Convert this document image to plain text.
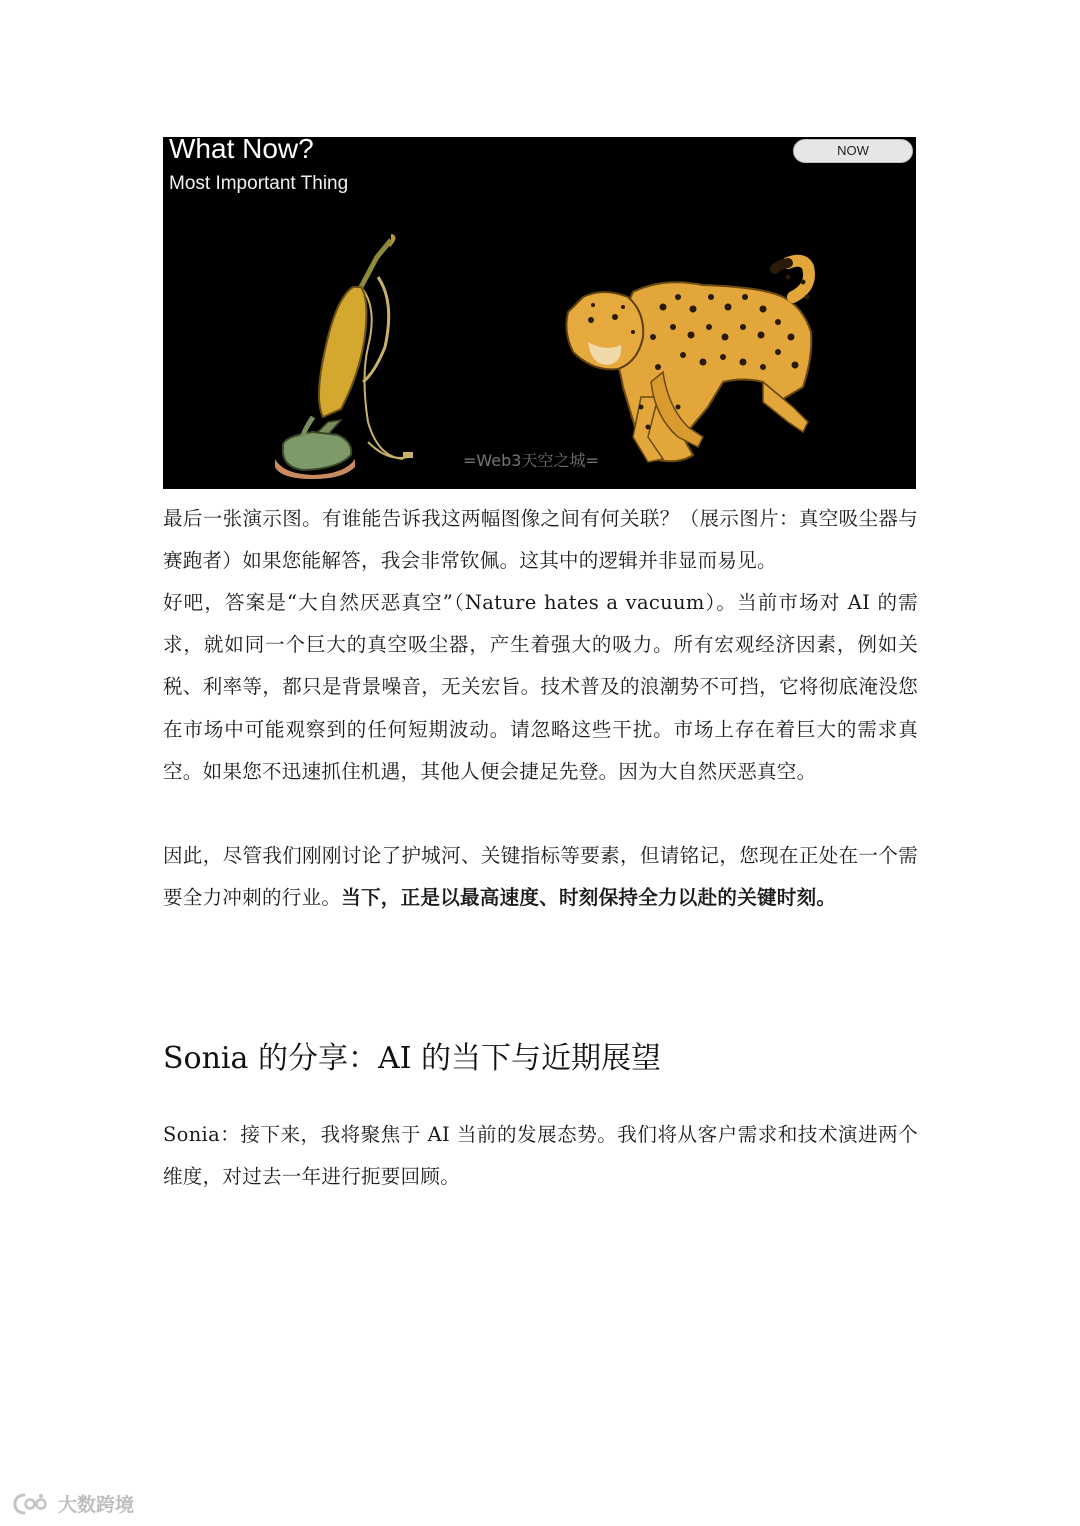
What Now?
Most Important Thing
NOW
=Web3天空之城=

最后一张演示图。有谁能告诉我这两幅图像之间有何关联？（展示图片：真空吸尘器与赛跑者）如果您能解答，我会非常钦佩。这其中的逻辑并非显而易见。

好吧，答案是“大自然厌恶真空”（Nature hates a vacuum）。当前市场对 AI 的需求，就如同一个巨大的真空吸尘器，产生着强大的吸力。所有宏观经济因素，例如关税、利率等，都只是背景噪音，无关宏旨。技术普及的浪潮势不可挡，它将彻底淹没您在市场中可能观察到的任何短期波动。请忽略这些干扰。市场上存在着巨大的需求真空。如果您不迅速抓住机遇，其他人便会捷足先登。因为大自然厌恶真空。

因此，尽管我们刚刚讨论了护城河、关键指标等要素，但请铭记，您现在正处在一个需要全力冲刺的行业。当下，正是以最高速度、时刻保持全力以赴的关键时刻。

Sonia 的分享：AI 的当下与近期展望

Sonia：接下来，我将聚焦于 AI 当前的发展态势。我们将从客户需求和技术演进两个维度，对过去一年进行扼要回顾。

大数跨境
